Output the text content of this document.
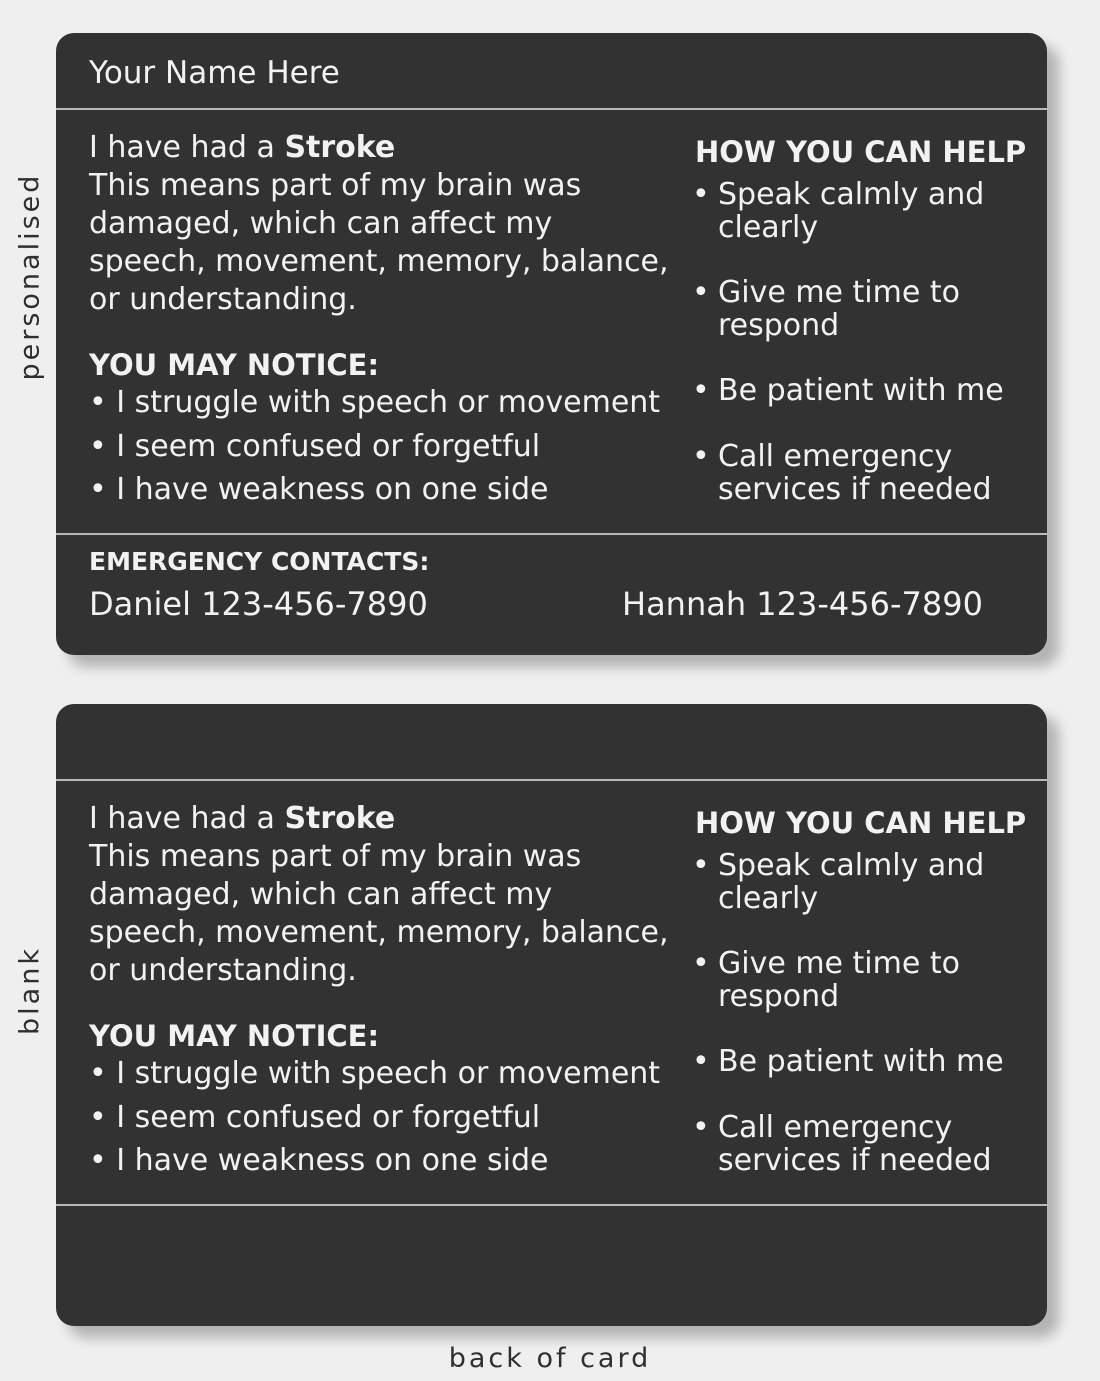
personalised
blank
Your Name Here
I have had a Stroke
This means part of my brain was damaged, which can affect my speech, movement, memory, balance, or understanding.
YOU MAY NOTICE:
• I struggle with speech or movement
• I seem confused or forgetful
• I have weakness on one side
HOW YOU CAN HELP
• Speak calmly and clearly
• Give me time to respond
• Be patient with me
• Call emergency services if needed
EMERGENCY CONTACTS:
Daniel 123-456-7890	Hannah 123-456-7890
I have had a Stroke
This means part of my brain was damaged, which can affect my speech, movement, memory, balance, or understanding.
YOU MAY NOTICE:
• I struggle with speech or movement
• I seem confused or forgetful
• I have weakness on one side
HOW YOU CAN HELP
• Speak calmly and clearly
• Give me time to respond
• Be patient with me
• Call emergency services if needed
back of card
